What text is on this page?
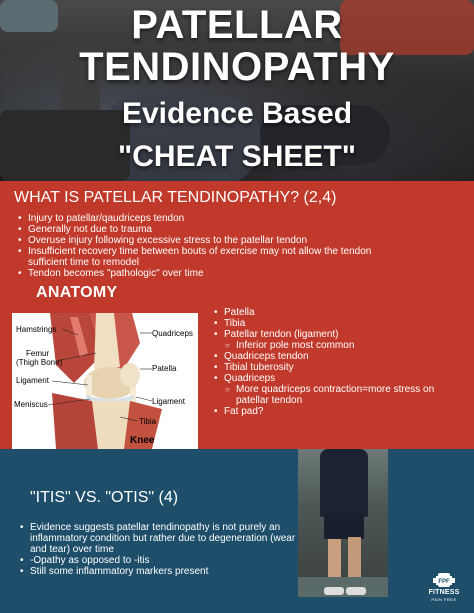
PATELLAR
TENDINOPATHY
Evidence Based
"CHEAT SHEET"
WHAT IS PATELLAR TENDINOPATHY? (2,4)
• Injury to patellar/qaudriceps tendon
• Generally not due to trauma
• Overuse injury following excessive stress to the patellar tendon
• Insufficient recovery time between bouts of exercise may not allow the tendon sufficient time to remodel
• Tendon becomes "pathologic" over time
ANATOMY
Hamstrings	Quadriceps
Femur
(Thigh Bone)
Patella
Ligament
Ligament
Meniscus
Tibia
Knee
• Patella
• Tibia
• Patellar tendon (ligament)
○ Inferior pole most common
• Quadriceps tendon
• Tibial tuberosity
• Quadriceps
○ More quadriceps contraction=more stress on patellar tendon
• Fat pad?
"ITIS" VS. "OTIS" (4)
• Evidence suggests patellar tendinopathy is not purely an inflammatory condition but rather due to degeneration (wear and tear) over time
• -Opathy as opposed to -itis
• Still some inflammatory markers present
FPF
FITNESS
PAIN FREE
